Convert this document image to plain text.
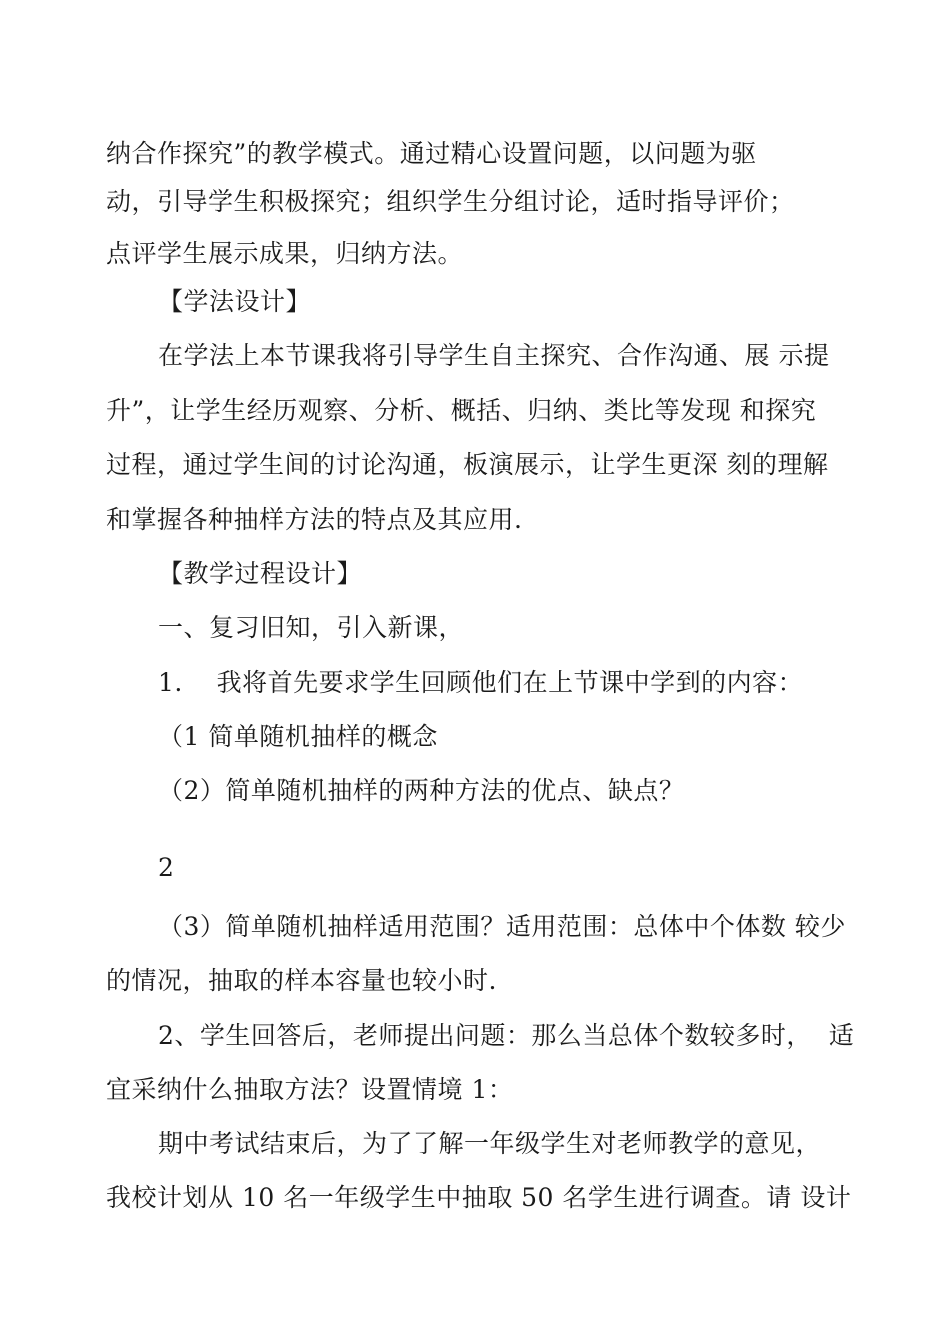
纳合作探究”的教学模式。通过精心设置问题，以问题为驱
动，引导学生积极探究；组织学生分组讨论，适时指导评价；
点评学生展示成果，归纳方法。
【学法设计】
在学法上本节课我将引导学生自主探究、合作沟通、展 示提
升”，让学生经历观察、分析、概括、归纳、类比等发现 和探究
过程，通过学生间的讨论沟通，板演展示，让学生更深 刻的理解
和掌握各种抽样方法的特点及其应用.
【教学过程设计】
一、复习旧知，引入新课，
1.    我将首先要求学生回顾他们在上节课中学到的内容：
（1 简单随机抽样的概念
（2）简单随机抽样的两种方法的优点、缺点？
2
（3）简单随机抽样适用范围？适用范围：总体中个体数 较少
的情况，抽取的样本容量也较小时.
2、学生回答后，老师提出问题：那么当总体个数较多时，  适
宜采纳什么抽取方法？设置情境 1：
期中考试结束后，为了了解一年级学生对老师教学的意见，
我校计划从 10 名一年级学生中抽取 50 名学生进行调查。请 设计
